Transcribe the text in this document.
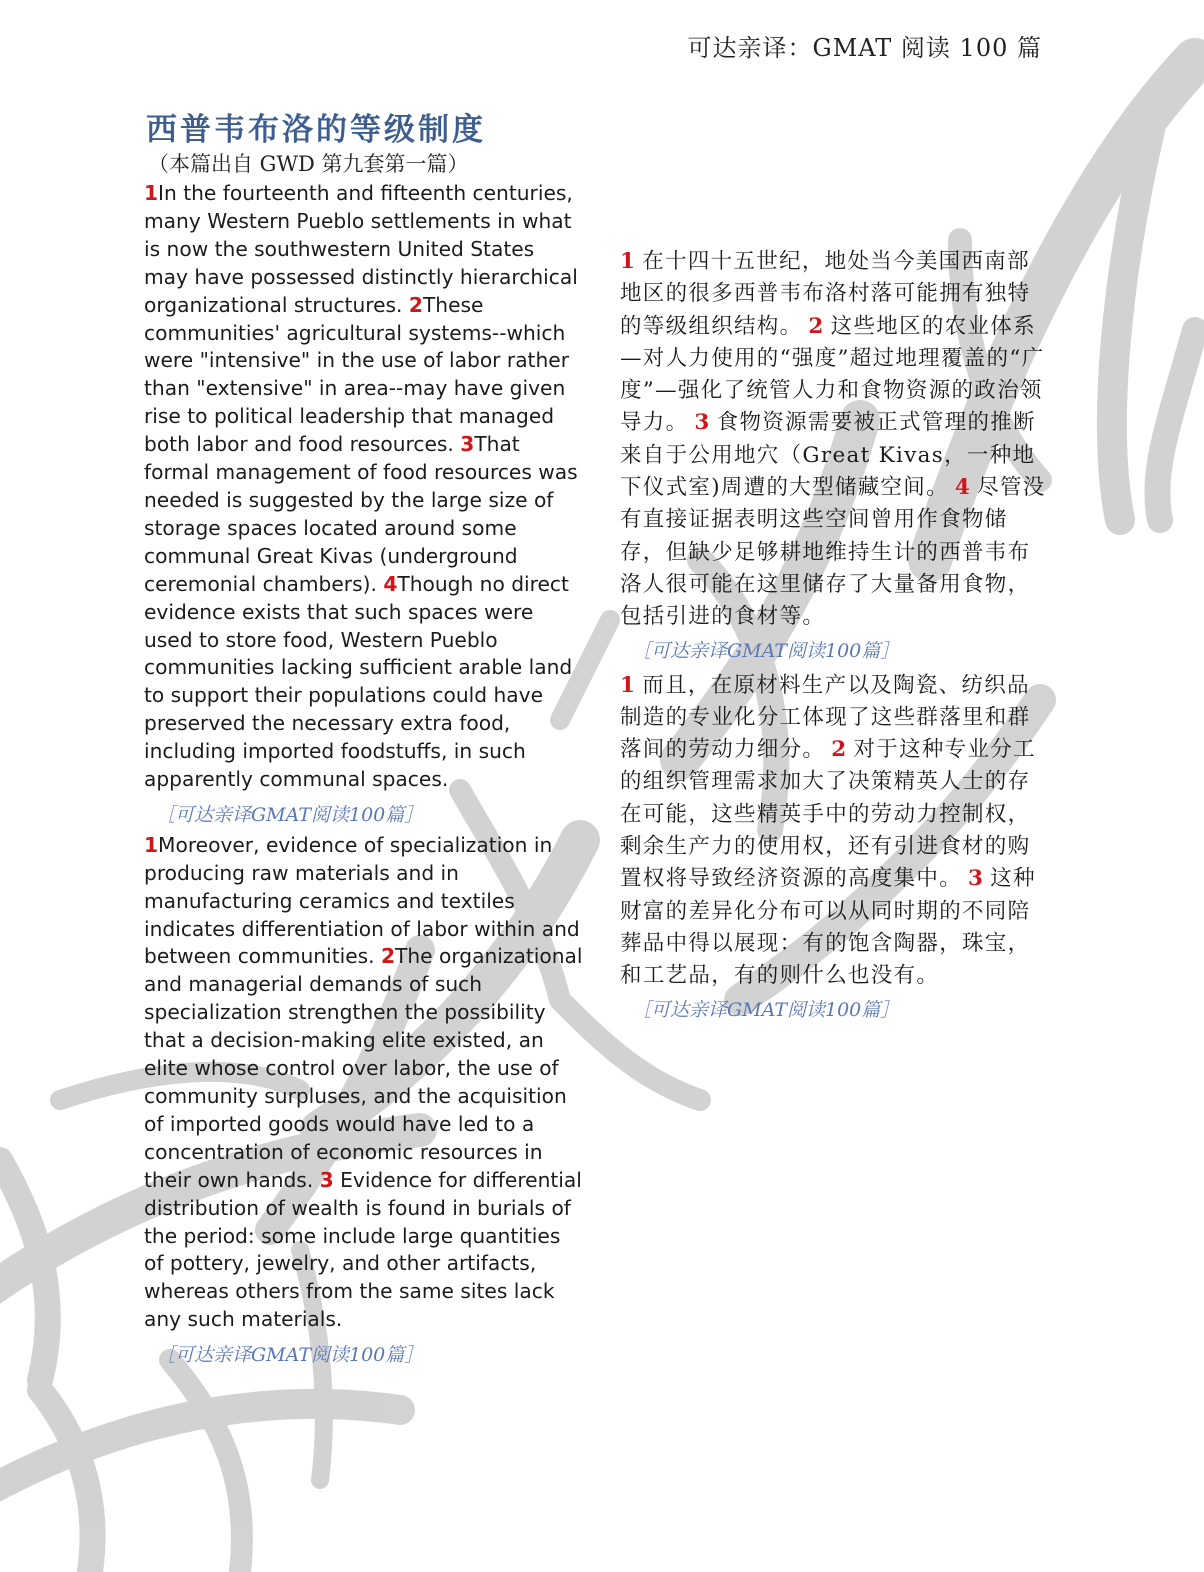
可达亲译：GMAT 阅读 100 篇
西普韦布洛的等级制度
（本篇出自 GWD 第九套第一篇）

1In the fourteenth and fifteenth centuries, many Western Pueblo settlements in what is now the southwestern United States may have possessed distinctly hierarchical organizational structures. 2These communities' agricultural systems--which were "intensive" in the use of labor rather than "extensive" in area--may have given rise to political leadership that managed both labor and food resources. 3That formal management of food resources was needed is suggested by the large size of storage spaces located around some communal Great Kivas (underground ceremonial chambers). 4Though no direct evidence exists that such spaces were used to store food, Western Pueblo communities lacking sufficient arable land to support their populations could have preserved the necessary extra food, including imported foodstuffs, in such apparently communal spaces.

［可达亲译GMAT阅读100篇］

1Moreover, evidence of specialization in producing raw materials and in manufacturing ceramics and textiles indicates differentiation of labor within and between communities. 2The organizational and managerial demands of such specialization strengthen the possibility that a decision-making elite existed, an elite whose control over labor, the use of community surpluses, and the acquisition of imported goods would have led to a concentration of economic resources in their own hands. 3 Evidence for differential distribution of wealth is found in burials of the period: some include large quantities of pottery, jewelry, and other artifacts, whereas others from the same sites lack any such materials.

［可达亲译GMAT阅读100篇］

1 在十四十五世纪，地处当今美国西南部地区的很多西普韦布洛村落可能拥有独特的等级组织结构。 2 这些地区的农业体系—对人力使用的“强度”超过地理覆盖的“广度”—强化了统管人力和食物资源的政治领导力。 3 食物资源需要被正式管理的推断来自于公用地穴（Great Kivas，一种地下仪式室)周遭的大型储藏空间。 4 尽管没有直接证据表明这些空间曾用作食物储存，但缺少足够耕地维持生计的西普韦布洛人很可能在这里储存了大量备用食物，包括引进的食材等。

［可达亲译GMAT阅读100篇］

1 而且，在原材料生产以及陶瓷、纺织品制造的专业化分工体现了这些群落里和群落间的劳动力细分。 2 对于这种专业分工的组织管理需求加大了决策精英人士的存在可能，这些精英手中的劳动力控制权，剩余生产力的使用权，还有引进食材的购置权将导致经济资源的高度集中。 3 这种财富的差异化分布可以从同时期的不同陪葬品中得以展现：有的饱含陶器，珠宝，和工艺品，有的则什么也没有。

［可达亲译GMAT阅读100篇］
